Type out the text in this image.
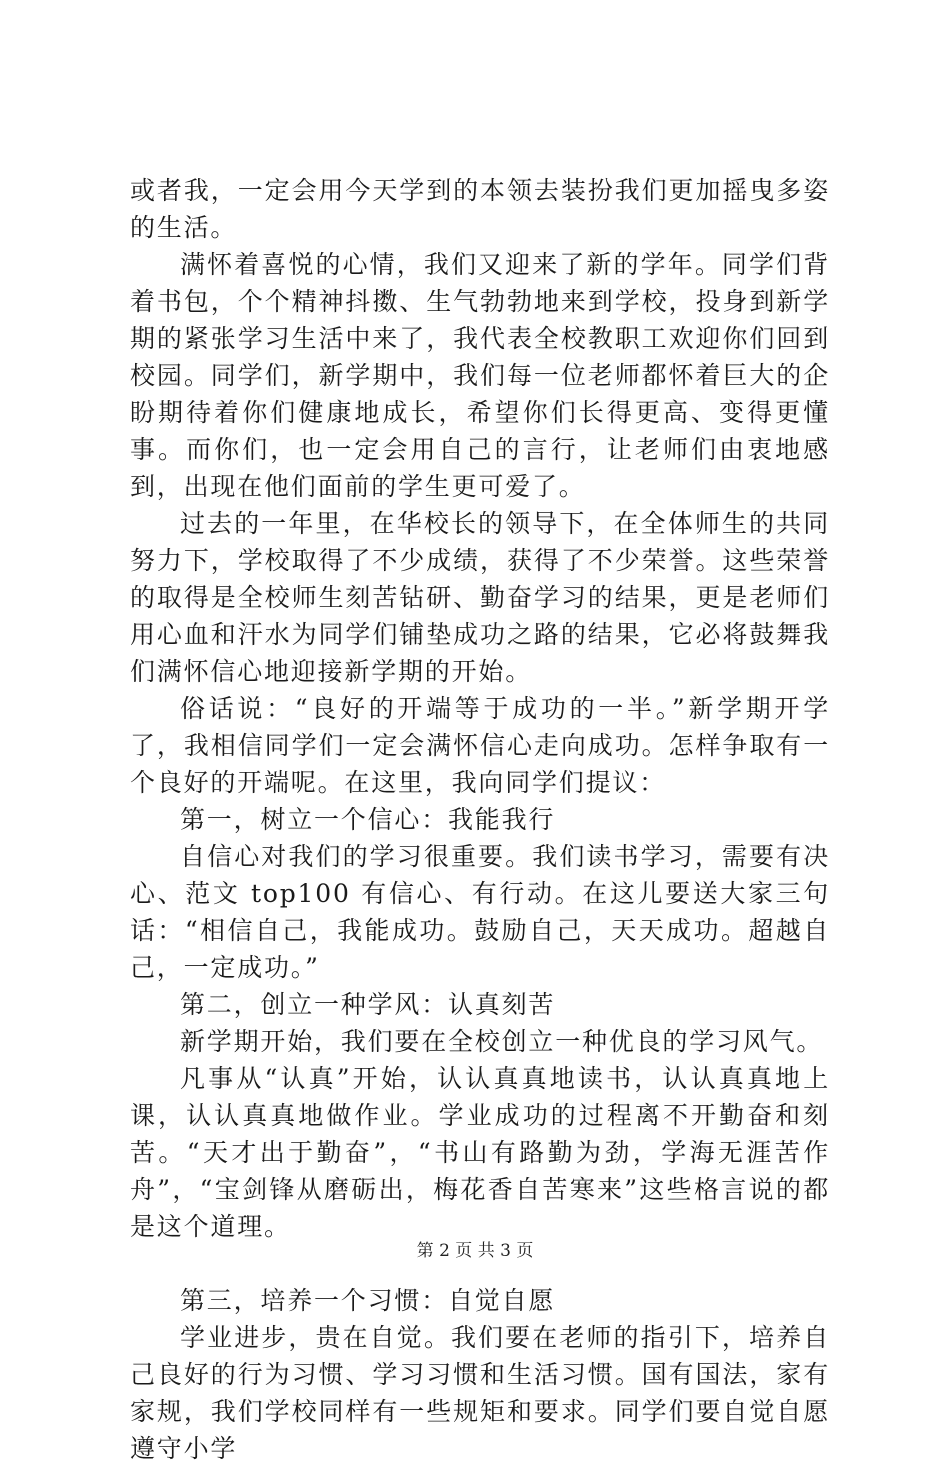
或者我，一定会用今天学到的本领去装扮我们更加摇曳多姿的生活。

满怀着喜悦的心情，我们又迎来了新的学年。同学们背着书包，个个精神抖擞、生气勃勃地来到学校，投身到新学期的紧张学习生活中来了，我代表全校教职工欢迎你们回到校园。同学们，新学期中，我们每一位老师都怀着巨大的企盼期待着你们健康地成长，希望你们长得更高、变得更懂事。而你们，也一定会用自己的言行，让老师们由衷地感到，出现在他们面前的学生更可爱了。

过去的一年里，在华校长的领导下，在全体师生的共同努力下，学校取得了不少成绩，获得了不少荣誉。这些荣誉的取得是全校师生刻苦钻研、勤奋学习的结果，更是老师们用心血和汗水为同学们铺垫成功之路的结果，它必将鼓舞我们满怀信心地迎接新学期的开始。

俗话说：“良好的开端等于成功的一半。”新学期开学了，我相信同学们一定会满怀信心走向成功。怎样争取有一个良好的开端呢。在这里，我向同学们提议：

第一，树立一个信心：我能我行

自信心对我们的学习很重要。我们读书学习，需要有决心、范文 top100 有信心、有行动。在这儿要送大家三句话：“相信自己，我能成功。鼓励自己，天天成功。超越自己，一定成功。”

第二，创立一种学风：认真刻苦

新学期开始，我们要在全校创立一种优良的学习风气。

凡事从“认真”开始，认认真真地读书，认认真真地上课，认认真真地做作业。学业成功的过程离不开勤奋和刻苦。“天才出于勤奋”，“书山有路勤为劲，学海无涯苦作舟”，“宝剑锋从磨砺出，梅花香自苦寒来”这些格言说的都是这个道理。

第三，培养一个习惯：自觉自愿

学业进步，贵在自觉。我们要在老师的指引下，培养自己良好的行为习惯、学习习惯和生活习惯。国有国法，家有家规，我们学校同样有一些规矩和要求。同学们要自觉自愿遵守小学

第 2 页 共 3 页
